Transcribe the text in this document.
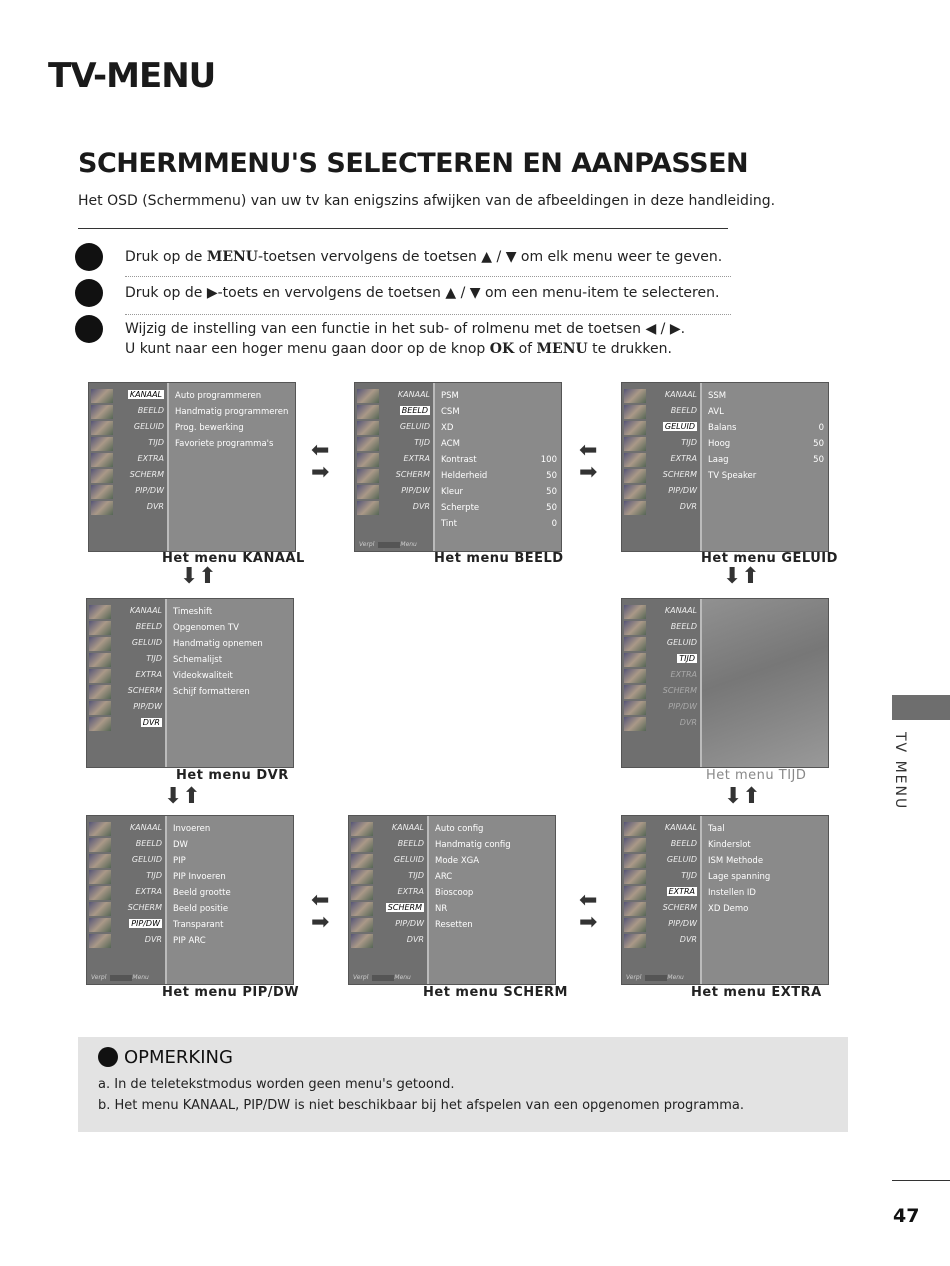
TV-MENU
SCHERMMENU'S SELECTEREN EN AANPASSEN
Het OSD (Schermmenu) van uw tv kan enigszins afwijken van de afbeeldingen in deze handleiding.
Druk op de MENU-toetsen vervolgens de toetsen ▲ / ▼ om elk menu weer te geven.
Druk op de ▶-toets en vervolgens de toetsen ▲ / ▼ om een menu-item te selecteren.
Wijzig de instelling van een functie in het sub- of rolmenu met de toetsen ◀ / ▶.
U kunt naar een hoger menu gaan door op de knop OK of MENU te drukken.
KANAAL
BEELD
GELUID
TIJD
EXTRA
SCHERM
PIP/DW
DVR
Auto programmeren
Handmatig programmeren
Prog. bewerking
Favoriete programma's
KANAAL
BEELD
GELUID
TIJD
EXTRA
SCHERM
PIP/DW
DVR
PSM
CSM
XD
ACM
Kontrast	100
Helderheid	50
Kleur	50
Scherpte	50
Tint	0
Verpl	Menu
KANAAL
BEELD
GELUID
TIJD
EXTRA
SCHERM
PIP/DW
DVR
SSM
AVL
Balans	0
Hoog	50
Laag	50
TV Speaker
KANAAL
BEELD
GELUID
TIJD
EXTRA
SCHERM
PIP/DW
DVR
Timeshift
Opgenomen TV
Handmatig opnemen
Schemalijst
Videokwaliteit
Schijf formatteren
KANAAL
BEELD
GELUID
TIJD
EXTRA
SCHERM
PIP/DW
DVR
KANAAL
BEELD
GELUID
TIJD
EXTRA
SCHERM
PIP/DW
DVR
Invoeren
DW
PIP
PIP Invoeren
Beeld grootte
Beeld positie
Transparant
PIP ARC
Verpl	Menu
KANAAL
BEELD
GELUID
TIJD
EXTRA
SCHERM
PIP/DW
DVR
Auto config
Handmatig config
Mode XGA
ARC
Bioscoop
NR
Resetten
Verpl	Menu
KANAAL
BEELD
GELUID
TIJD
EXTRA
SCHERM
PIP/DW
DVR
Taal
Kinderslot
ISM Methode
Lage spanning
Instellen ID
XD Demo
Verpl	Menu
Het menu KANAAL	Het menu BEELD	Het menu GELUID
Het menu DVR	Het menu TIJD
Het menu PIP/DW	Het menu SCHERM	Het menu EXTRA
⬅
➡
⬅
➡
⬇⬆	⬇⬆
⬇⬆	⬇⬆
⬅
➡
⬅
➡
OPMERKING
a. In de teletekstmodus worden geen menu's getoond.
b. Het menu KANAAL, PIP/DW is niet beschikbaar bij het afspelen van een opgenomen programma.
TV MENU
47
